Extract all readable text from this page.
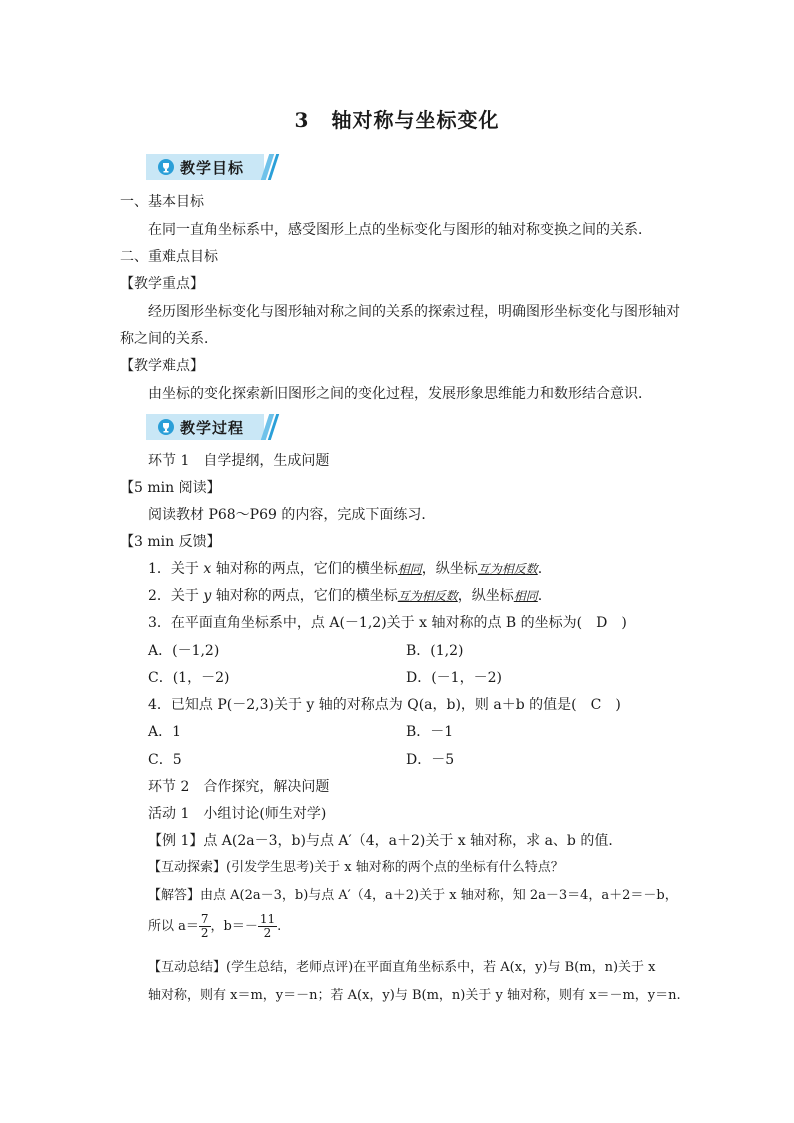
3 轴对称与坐标变化
教学目标
一、基本目标
在同一直角坐标系中，感受图形上点的坐标变化与图形的轴对称变换之间的关系．
二、重难点目标
【教学重点】
经历图形坐标变化与图形轴对称之间的关系的探索过程，明确图形坐标变化与图形轴对
称之间的关系．
【教学难点】
由坐标的变化探索新旧图形之间的变化过程，发展形象思维能力和数形结合意识．
教学过程
环节 1　自学提纲，生成问题
【5 min 阅读】
阅读教材 P68～P69 的内容，完成下面练习．
【3 min 反馈】
1．关于 x 轴对称的两点，它们的横坐标相同，纵坐标互为相反数.
2．关于 y 轴对称的两点，它们的横坐标互为相反数，纵坐标相同.
3．在平面直角坐标系中，点 A(－1,2)关于 x 轴对称的点 B 的坐标为(　D　)
A．(－1,2)	B．(1,2)
C．(1，－2)	D．(－1，－2)
4．已知点 P(－2,3)关于 y 轴的对称点为 Q(a，b)，则 a＋b 的值是(　C　)
A．1	B．－1
C．5	D．－5
环节 2　合作探究，解决问题
活动 1　小组讨论(师生对学)
【例 1】点 A(2a－3，b)与点 A′（4，a＋2)关于 x 轴对称，求 a、b 的值．
【互动探索】(引发学生思考)关于 x 轴对称的两个点的坐标有什么特点？
【解答】由点 A(2a－3，b)与点 A′（4，a＋2)关于 x 轴对称，知 2a－3＝4，a＋2＝－b，
所以 $a= \frac{7}{2}$ ，$b=- \frac{11}{2}$ .
【互动总结】(学生总结，老师点评)在平面直角坐标系中，若 A(x，y)与 B(m，n)关于 x
轴对称，则有 x＝m，y＝－n；若 A(x，y)与 B(m，n)关于 y 轴对称，则有 x＝－m，y＝n.
